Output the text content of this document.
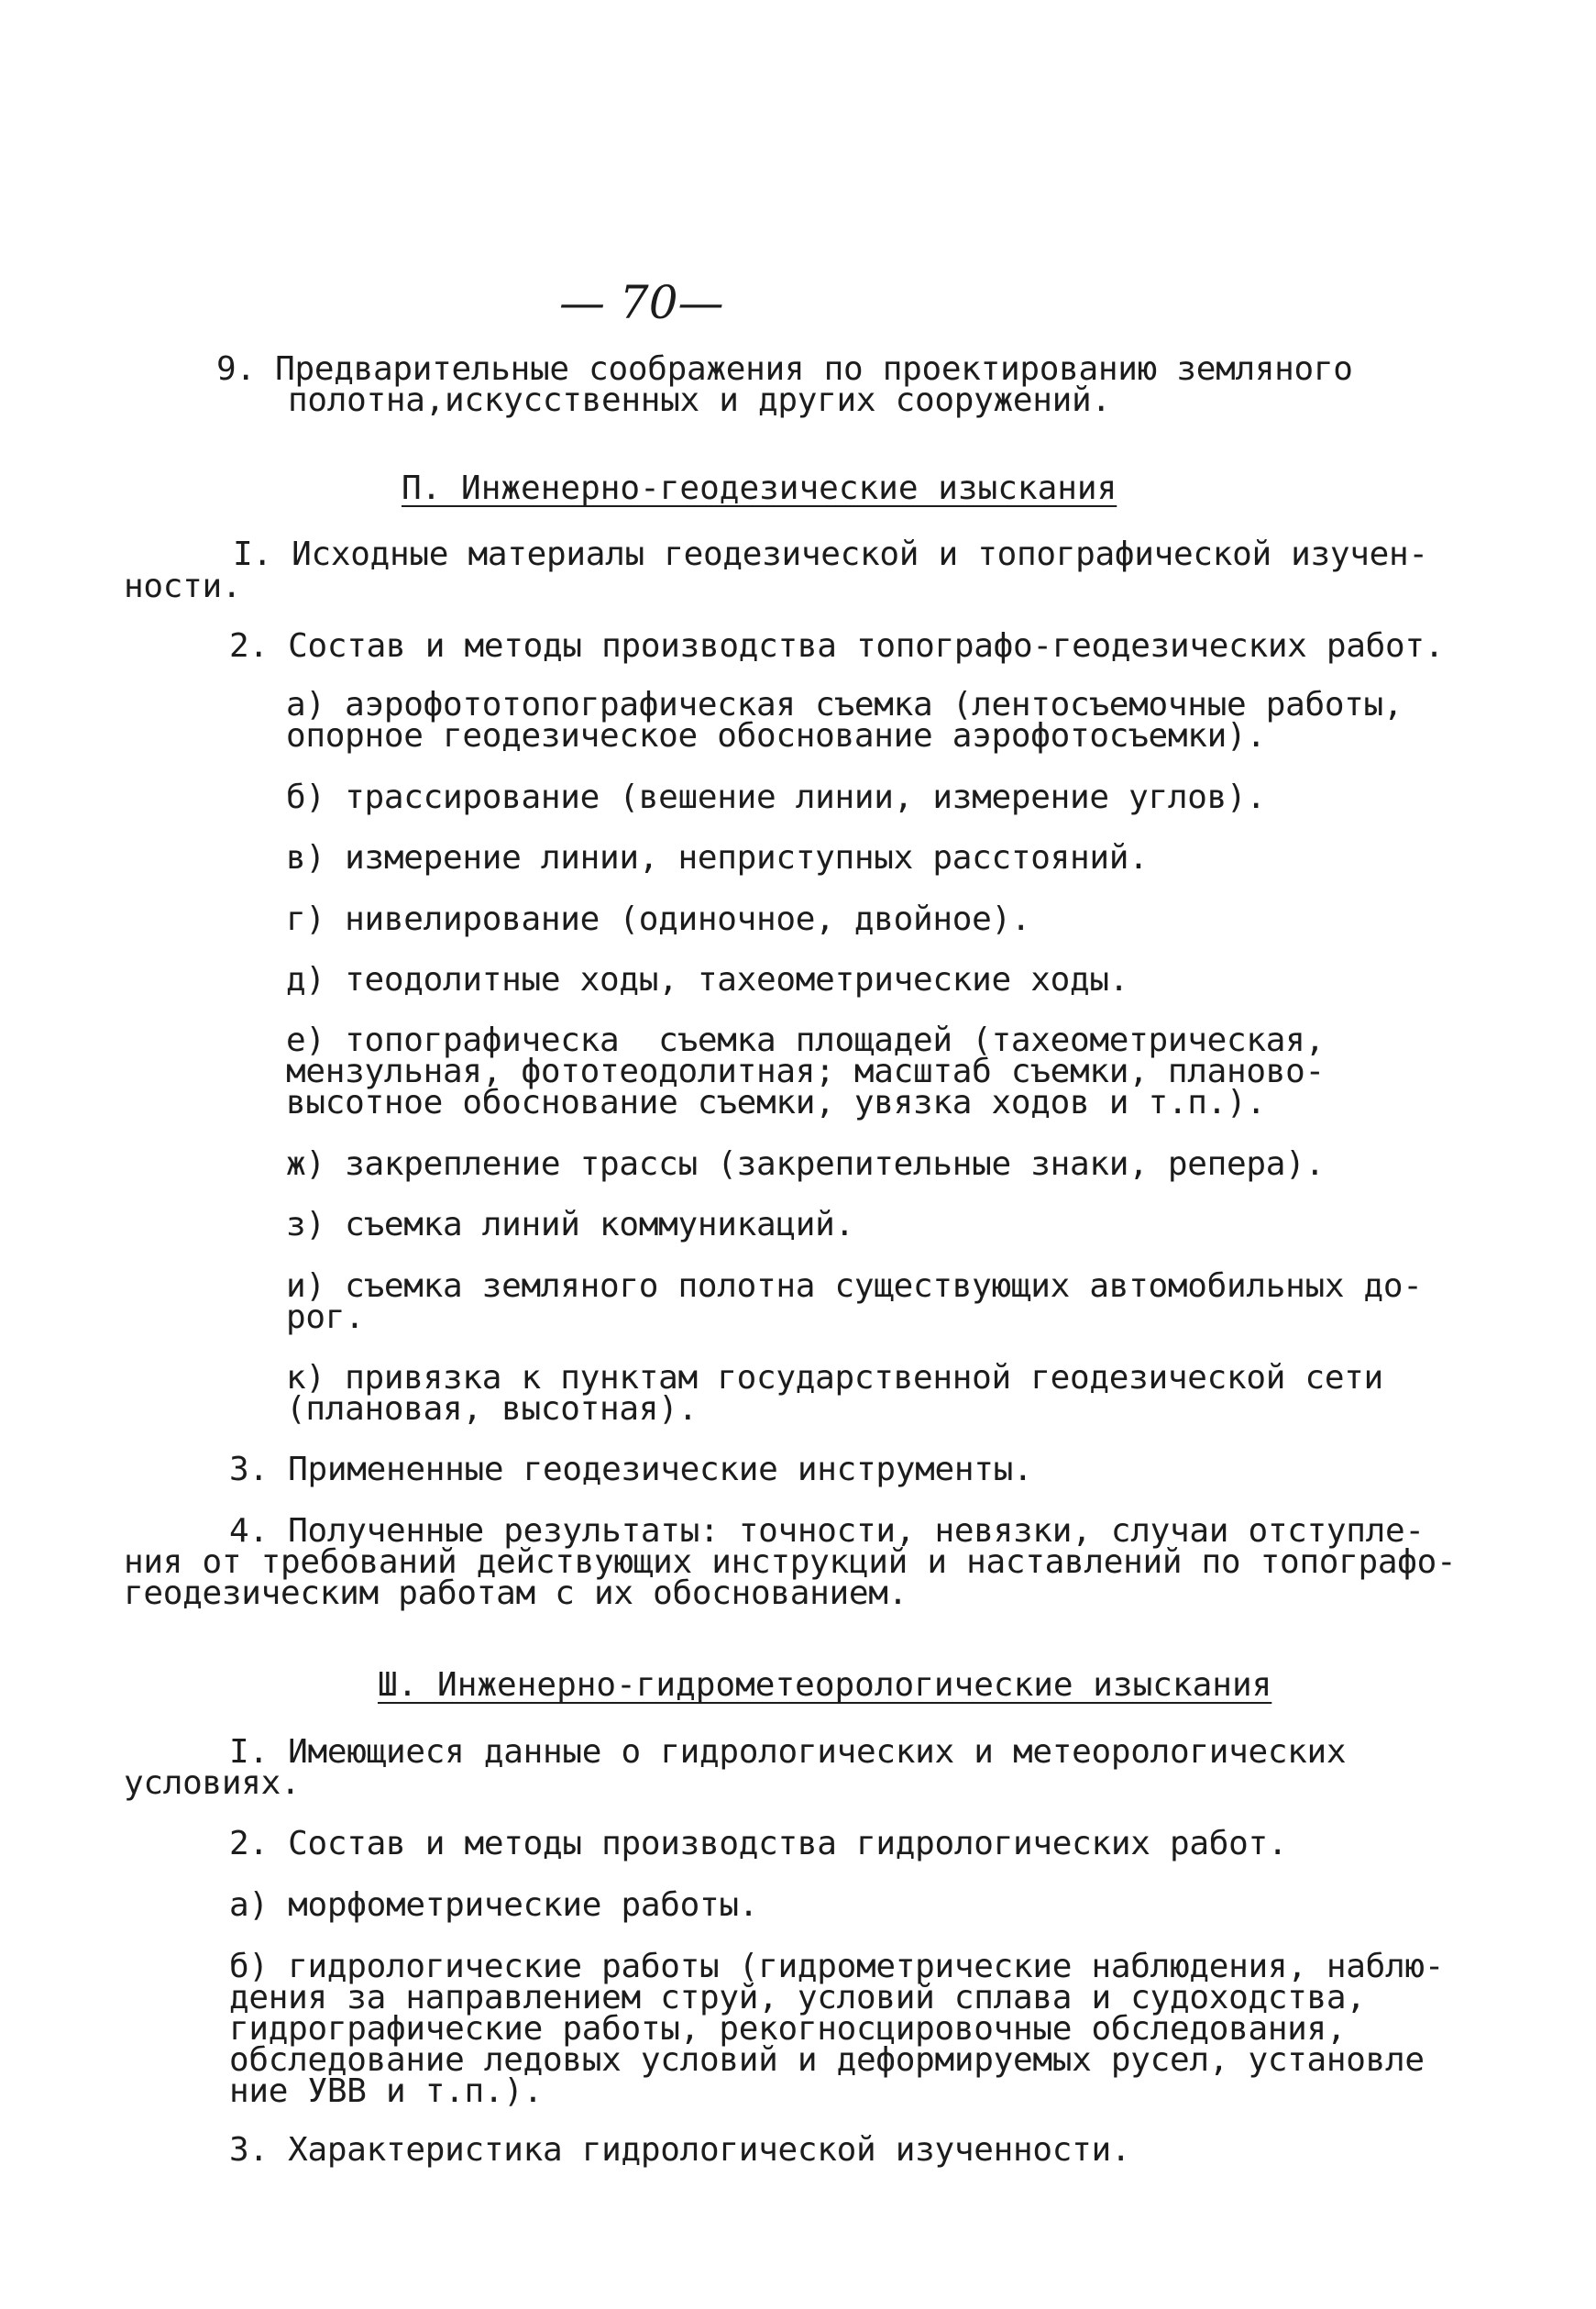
— 70—

9. Предварительные соображения по проектированию земляного

полотна,искусственных и других сооружений.

П. Инженерно-геодезические изыскания

I. Исходные материалы геодезической и топографической изучен-

ности.

2. Состав и методы производства топографо-геодезических работ.

а) аэрофототопографическая съемка (лентосъемочные работы,

опорное геодезическое обоснование аэрофотосъемки).

б) трассирование (вешение линии, измерение углов).

в) измерение линии, неприступных расстояний.

г) нивелирование (одиночное, двойное).

д) теодолитные ходы, тахеометрические ходы.

е) топографическа  съемка площадей (тахеометрическая,

мензульная, фототеодолитная; масштаб съемки, планово-

высотное обоснование съемки, увязка ходов и т.п.).

ж) закрепление трассы (закрепительные знаки, репера).

з) съемка линий коммуникаций.

и) съемка земляного полотна существующих автомобильных до-

рог.

к) привязка к пунктам государственной геодезической сети

(плановая, высотная).

3. Примененные геодезические инструменты.

4. Полученные результаты: точности, невязки, случаи отступле-

ния от требований действующих инструкций и наставлений по топографо-

геодезическим работам с их обоснованием.

Ш. Инженерно-гидрометеорологические изыскания

I. Имеющиеся данные о гидрологических и метеорологических

условиях.

2. Состав и методы производства гидрологических работ.

а) морфометрические работы.

б) гидрологические работы (гидрометрические наблюдения, наблю-

дения за направлением струй, условий сплава и судоходства,

гидрографические работы, рекогносцировочные обследования,

обследование ледовых условий и деформируемых русел, установле

ние УВВ и т.п.).

3. Характеристика гидрологической изученности.
